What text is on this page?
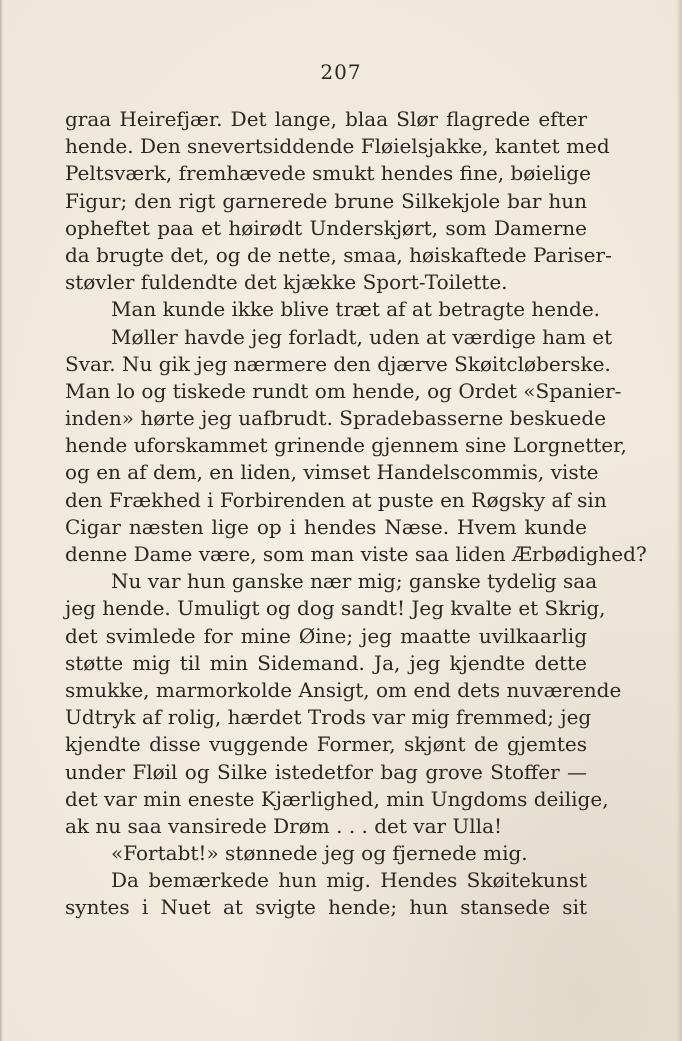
207
graa Heirefjær. Det lange, blaa Slør flagrede efter
hende. Den snevertsiddende Fløielsjakke, kantet med
Peltsværk, fremhævede smukt hendes fine, bøielige
Figur; den rigt garnerede brune Silkekjole bar hun
opheftet paa et høirødt Underskjørt, som Damerne
da brugte det, og de nette, smaa, høiskaftede Pariser-
støvler fuldendte det kjække Sport-Toilette.
Man kunde ikke blive træt af at betragte hende.
Møller havde jeg forladt, uden at værdige ham et
Svar. Nu gik jeg nærmere den djærve Skøitcløberske.
Man lo og tiskede rundt om hende, og Ordet «Spanier-
inden» hørte jeg uafbrudt. Spradebasserne beskuede
hende uforskammet grinende gjennem sine Lorgnetter,
og en af dem, en liden, vimset Handelscommis, viste
den Frækhed i Forbirenden at puste en Røgsky af sin
Cigar næsten lige op i hendes Næse. Hvem kunde
denne Dame være, som man viste saa liden Ærbødighed?
Nu var hun ganske nær mig; ganske tydelig saa
jeg hende. Umuligt og dog sandt! Jeg kvalte et Skrig,
det svimlede for mine Øine; jeg maatte uvilkaarlig
støtte mig til min Sidemand. Ja, jeg kjendte dette
smukke, marmorkolde Ansigt, om end dets nuværende
Udtryk af rolig, hærdet Trods var mig fremmed; jeg
kjendte disse vuggende Former, skjønt de gjemtes
under Fløil og Silke istedetfor bag grove Stoffer —
det var min eneste Kjærlighed, min Ungdoms deilige,
ak nu saa vansirede Drøm . . . det var Ulla!
«Fortabt!» stønnede jeg og fjernede mig.
Da bemærkede hun mig. Hendes Skøitekunst
syntes i Nuet at svigte hende; hun stansede sit
